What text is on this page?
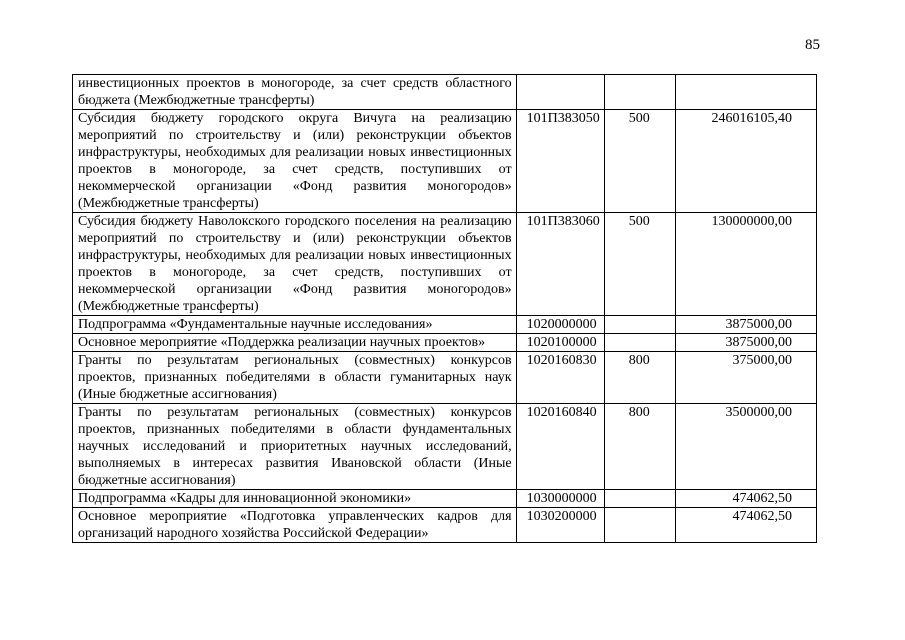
85
инвестиционных проектов в моногороде, за счет средств областного бюджета (Межбюджетные трансферты)			
Субсидия бюджету городского округа Вичуга на реализацию мероприятий по строительству и (или) реконструкции объектов инфраструктуры, необходимых для реализации новых инвестиционных проектов в моногороде, за счет средств, поступивших от некоммерческой организации «Фонд развития моногородов» (Межбюджетные трансферты)	101П383050	500	246016105,40
Субсидия бюджету Наволокского городского поселения на реализацию мероприятий по строительству и (или) реконструкции объектов инфраструктуры, необходимых для реализации новых инвестиционных проектов в моногороде, за счет средств, поступивших от некоммерческой организации «Фонд развития моногородов» (Межбюджетные трансферты)	101П383060	500	130000000,00
Подпрограмма «Фундаментальные научные исследования»	1020000000		3875000,00
Основное мероприятие «Поддержка реализации научных проектов»	1020100000		3875000,00
Гранты по результатам региональных (совместных) конкурсов проектов, признанных победителями в области гуманитарных наук (Иные бюджетные ассигнования)	1020160830	800	375000,00
Гранты по результатам региональных (совместных) конкурсов проектов, признанных победителями в области фундаментальных научных исследований и приоритетных научных исследований, выполняемых в интересах развития Ивановской области (Иные бюджетные ассигнования)	1020160840	800	3500000,00
Подпрограмма «Кадры для инновационной экономики»	1030000000		474062,50
Основное мероприятие «Подготовка управленческих кадров для организаций народного хозяйства Российской Федерации»	1030200000		474062,50
